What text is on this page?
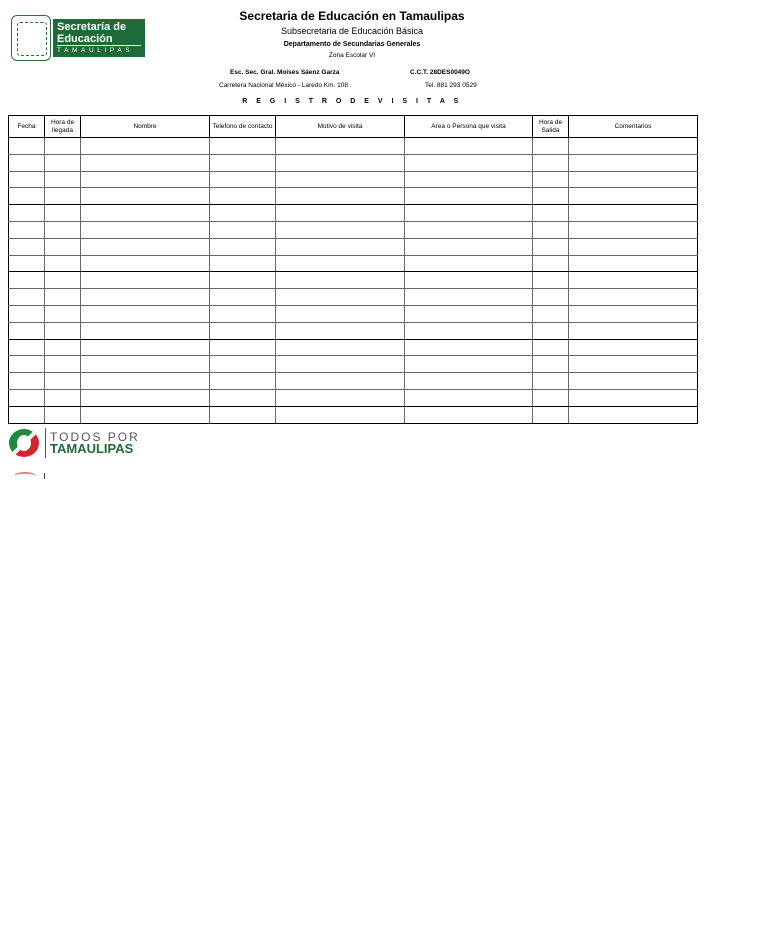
Secretaría de
Educación
TAMAULIPAS
Secretaria de Educación en Tamaulipas
Subsecretaria de Educación Básica
Departamento de Secundarias Generales
Zona Escolar VI
Esc. Sec. Gral. Moisés Sáenz Garza	C.C.T. 28DES0049O
Carretera Nacional México - Laredo Km. 108 .	Tel. 881 293 0529
R E G I S T R O D E V I S I T A S
Fecha	Hora de llegada	Nombre	Telefono de contacto	Motivo de visita	Area o Persona que visita	Hora de Salida	Comentarios

TODOS POR
TAMAULIPAS
